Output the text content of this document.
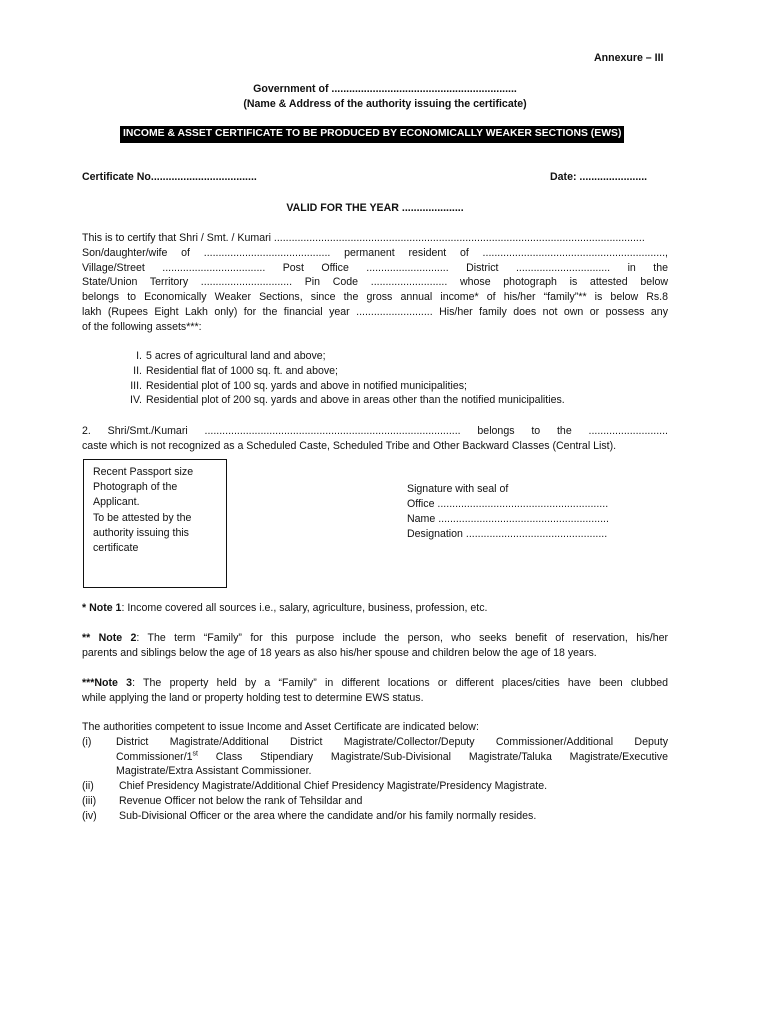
Annexure – III
Government of ...............................................................
(Name & Address of the authority issuing the certificate)
INCOME & ASSET CERTIFICATE TO BE PRODUCED BY ECONOMICALLY WEAKER SECTIONS (EWS)
Certificate No....................................	Date: .......................
VALID FOR THE YEAR .....................
This is to certify that Shri / Smt. / Kumari ..............................................................................................................................
Son/daughter/wife of ........................................... permanent resident of ..............................................................,
Village/Street ................................... Post Office ............................ District ................................ in the
State/Union Territory ............................... Pin Code .......................... whose photograph is attested below
belongs to Economically Weaker Sections, since the gross annual income* of his/her “family”** is below Rs.8
lakh (Rupees Eight Lakh only) for the financial year .......................... His/her family does not own or possess any
of the following assets***:
I. 5 acres of agricultural land and above;
II. Residential flat of 1000 sq. ft. and above;
III. Residential plot of 100 sq. yards and above in notified municipalities;
IV. Residential plot of 200 sq. yards and above in areas other than the notified municipalities.
2. Shri/Smt./Kumari ....................................................................................... belongs to the ...........................
caste which is not recognized as a Scheduled Caste, Scheduled Tribe and Other Backward Classes (Central List).
Recent Passport size
Photograph of the
Applicant.
To be attested by the
authority issuing this
certificate
Signature with seal of
Office ..........................................................
Name ..........................................................
Designation ................................................
* Note 1: Income covered all sources i.e., salary, agriculture, business, profession, etc.
** Note 2: The term “Family” for this purpose include the person, who seeks benefit of reservation, his/her
parents and siblings below the age of 18 years as also his/her spouse and children below the age of 18 years.
***Note 3: The property held by a “Family” in different locations or different places/cities have been clubbed
while applying the land or property holding test to determine EWS status.
The authorities competent to issue Income and Asset Certificate are indicated below:
(i)	District Magistrate/Additional District Magistrate/Collector/Deputy Commissioner/Additional Deputy
Commissioner/1st Class Stipendiary Magistrate/Sub-Divisional Magistrate/Taluka Magistrate/Executive
Magistrate/Extra Assistant Commissioner.
(ii)	Chief Presidency Magistrate/Additional Chief Presidency Magistrate/Presidency Magistrate.
(iii)	Revenue Officer not below the rank of Tehsildar and
(iv)	Sub-Divisional Officer or the area where the candidate and/or his family normally resides.
